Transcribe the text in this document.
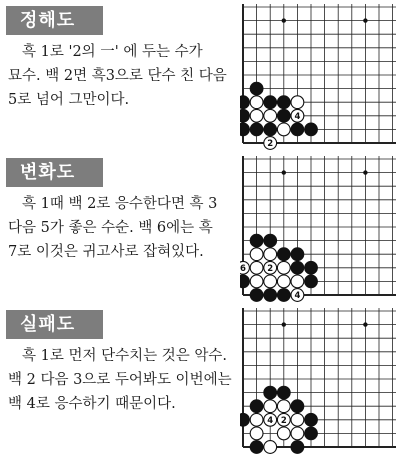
정해도
흑 1로 '2의 一' 에 두는 수가 묘수. 백 2면 흑3으로 단수 친 다음 5로 넘어 그만이다.
2
4
변화도
흑 1때 백 2로 응수한다면 흑 3 다음 5가 좋은 수순. 백 6에는 흑 7로 이것은 귀고사로 잡혀있다.
6	2
4
실패도
흑 1로 먼저 단수치는 것은 악수. 백 2 다음 3으로 두어봐도 이번에는 백 4로 응수하기 때문이다.
4 2
